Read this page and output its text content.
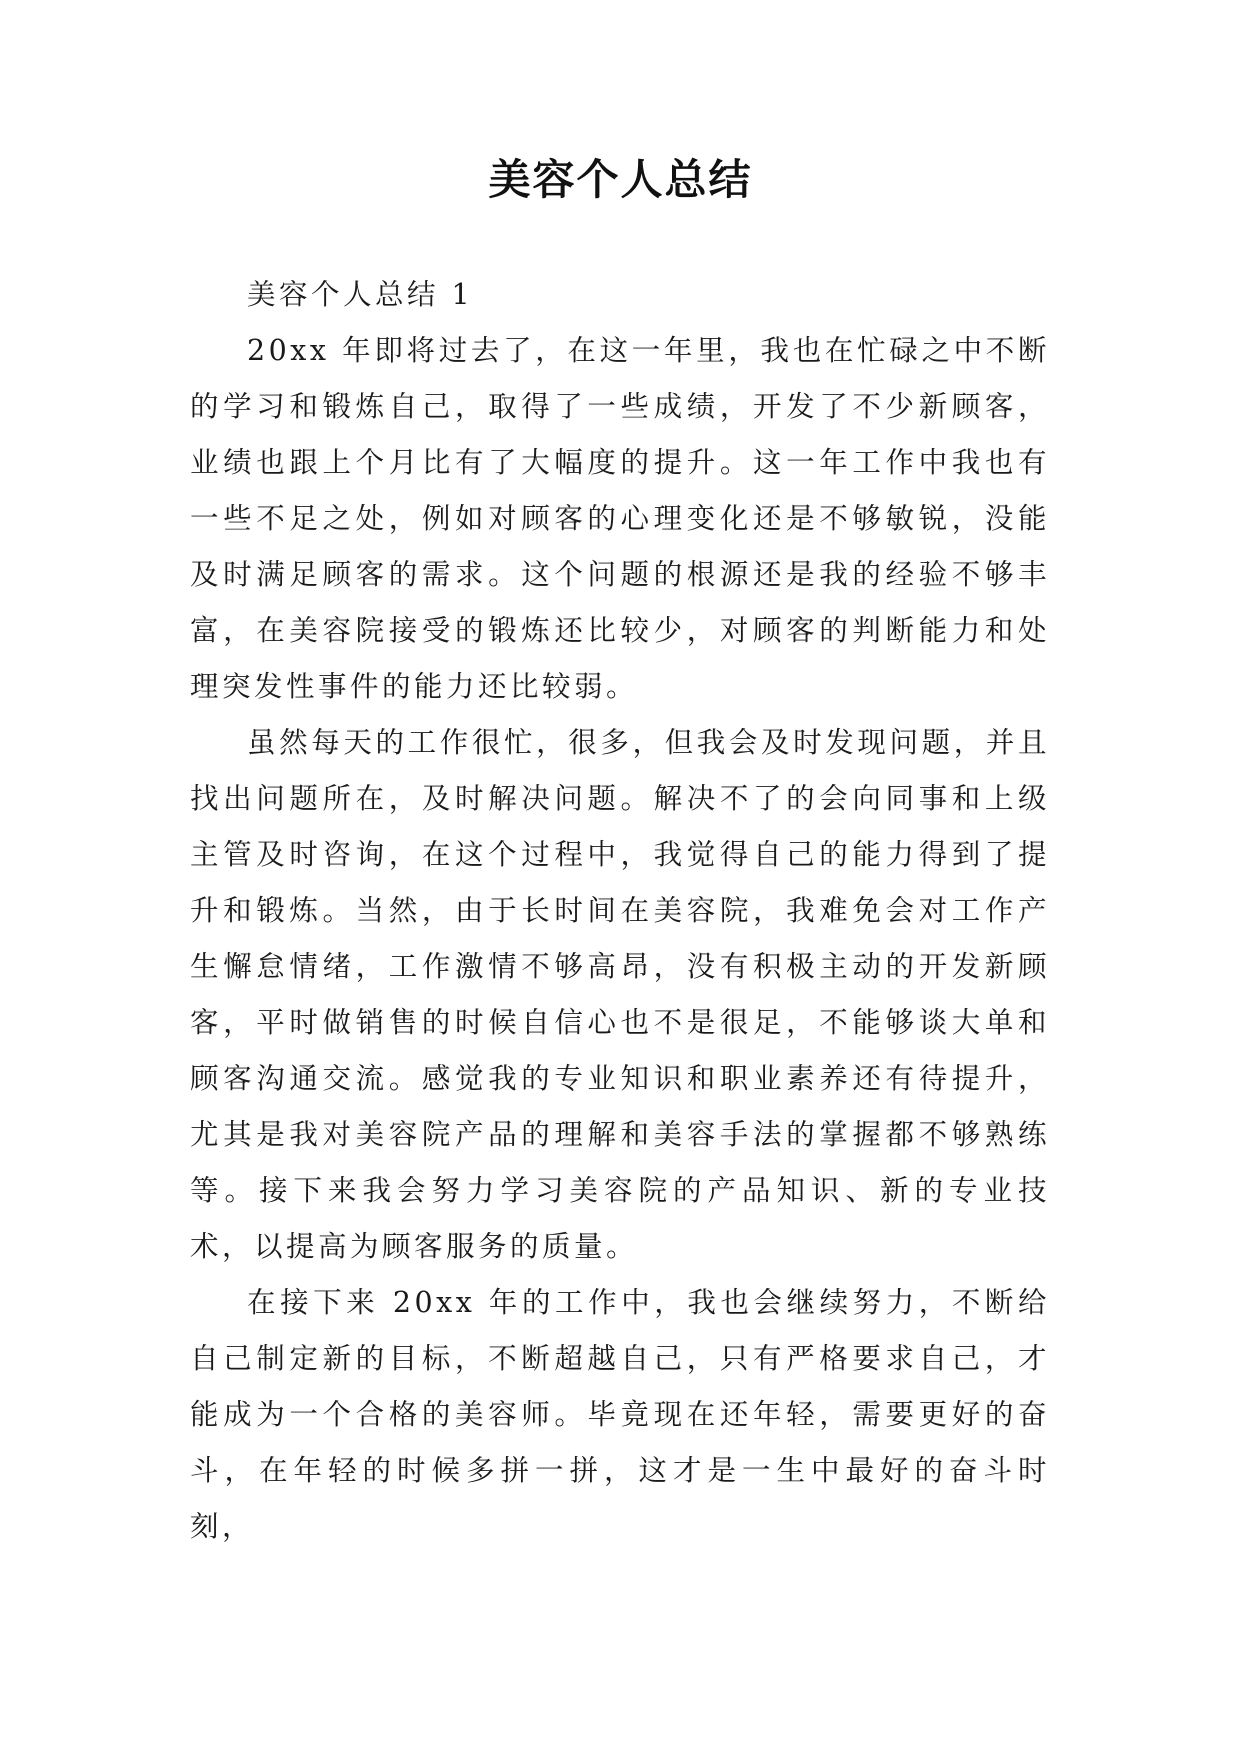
美容个人总结

美容个人总结 1

20xx 年即将过去了，在这一年里，我也在忙碌之中不断的学习和锻炼自己，取得了一些成绩，开发了不少新顾客，业绩也跟上个月比有了大幅度的提升。这一年工作中我也有一些不足之处，例如对顾客的心理变化还是不够敏锐，没能及时满足顾客的需求。这个问题的根源还是我的经验不够丰富，在美容院接受的锻炼还比较少，对顾客的判断能力和处理突发性事件的能力还比较弱。

虽然每天的工作很忙，很多，但我会及时发现问题，并且找出问题所在，及时解决问题。解决不了的会向同事和上级主管及时咨询，在这个过程中，我觉得自己的能力得到了提升和锻炼。当然，由于长时间在美容院，我难免会对工作产生懈怠情绪，工作激情不够高昂，没有积极主动的开发新顾客，平时做销售的时候自信心也不是很足，不能够谈大单和顾客沟通交流。感觉我的专业知识和职业素养还有待提升，尤其是我对美容院产品的理解和美容手法的掌握都不够熟练等。接下来我会努力学习美容院的产品知识、新的专业技术，以提高为顾客服务的质量。

在接下来 20xx 年的工作中，我也会继续努力，不断给自己制定新的目标，不断超越自己，只有严格要求自己，才能成为一个合格的美容师。毕竟现在还年轻，需要更好的奋斗，在年轻的时候多拼一拼，这才是一生中最好的奋斗时刻，
